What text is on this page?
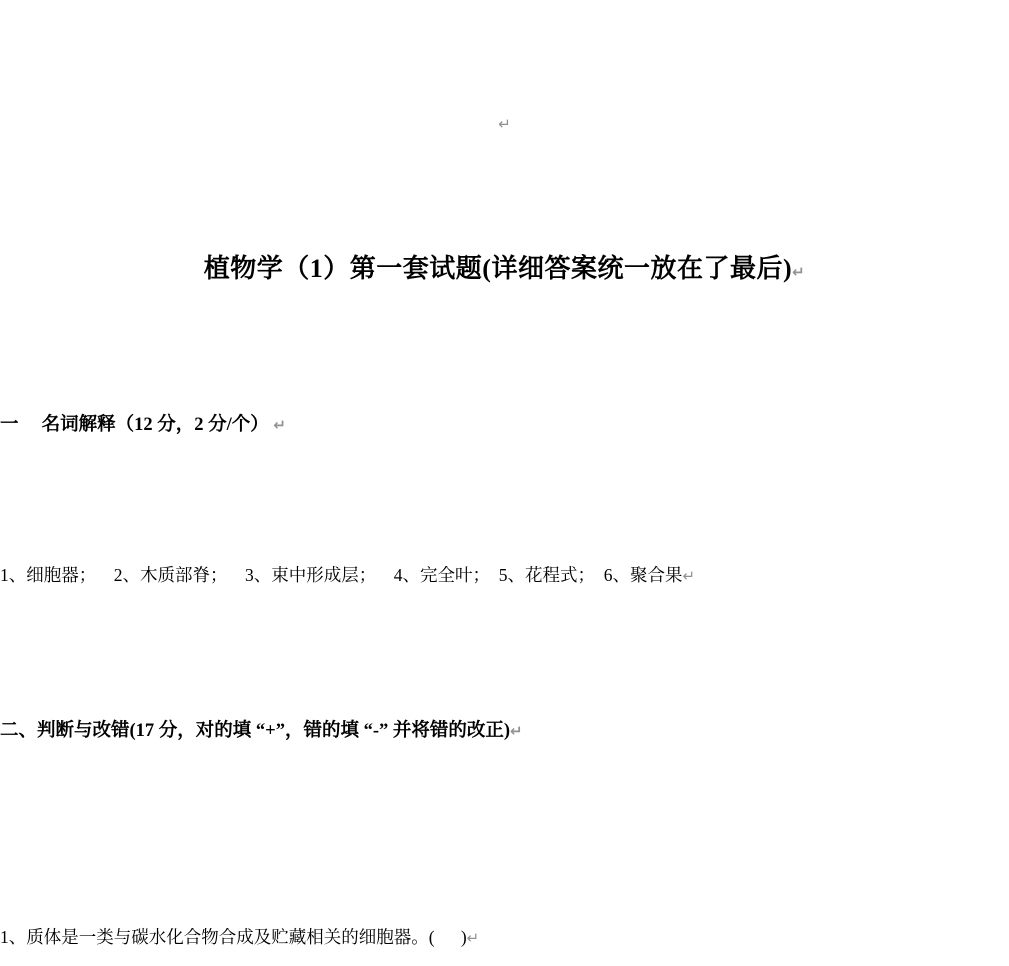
↵

植物学（1）第一套试题(详细答案统一放在了最后)↵

一　 名词解释（12 分，2 分/个） ↵

1、细胞器；    2、木质部脊；    3、束中形成层；    4、完全叶；  5、花程式；  6、聚合果↵

二、判断与改错(17 分，对的填 “+”，错的填 “-” 并将错的改正)↵

1、质体是一类与碳水化合物合成及贮藏相关的细胞器。(      )↵
